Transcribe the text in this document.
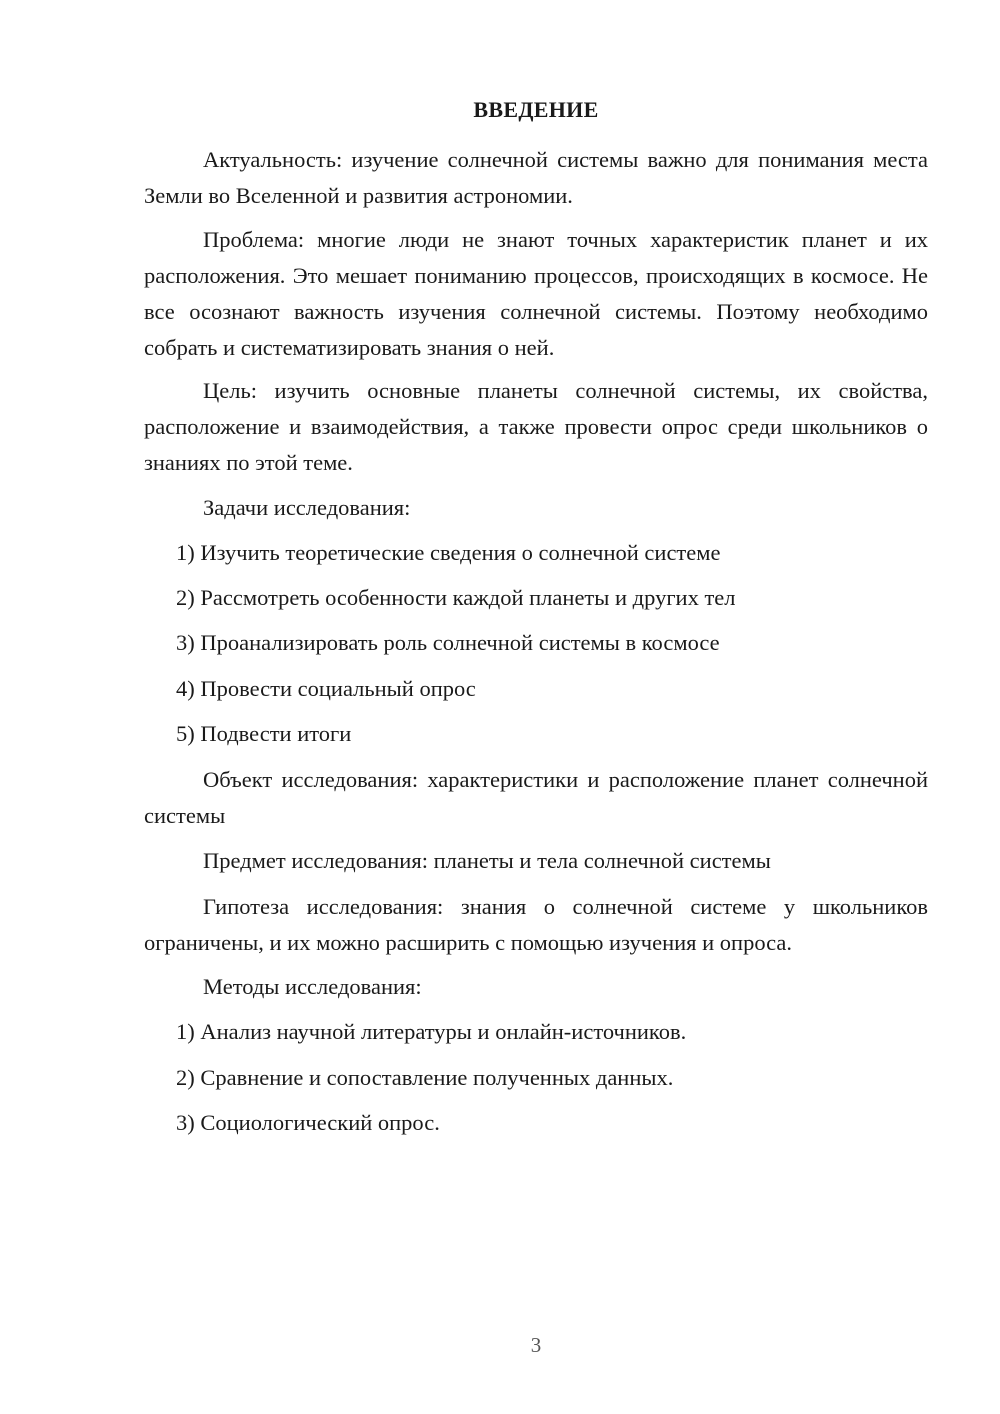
ВВЕДЕНИЕ

Актуальность: изучение солнечной системы важно для понимания места Земли во Вселенной и развития астрономии.

Проблема: многие люди не знают точных характеристик планет и их расположения. Это мешает пониманию процессов, происходящих в космосе. Не все осознают важность изучения солнечной системы. Поэтому необходимо собрать и систематизировать знания о ней.

Цель: изучить основные планеты солнечной системы, их свойства, расположение и взаимодействия, а также провести опрос среди школьников о знаниях по этой теме.

Задачи исследования:

1) Изучить теоретические сведения о солнечной системе

2) Рассмотреть особенности каждой планеты и других тел

3) Проанализировать роль солнечной системы в космосе

4) Провести социальный опрос

5) Подвести итоги

Объект исследования: характеристики и расположение планет солнечной системы

Предмет исследования: планеты и тела солнечной системы

Гипотеза исследования: знания о солнечной системе у школьников ограничены, и их можно расширить с помощью изучения и опроса.

Методы исследования:

1) Анализ научной литературы и онлайн-источников.

2) Сравнение и сопоставление полученных данных.

3) Социологический опрос.

3
